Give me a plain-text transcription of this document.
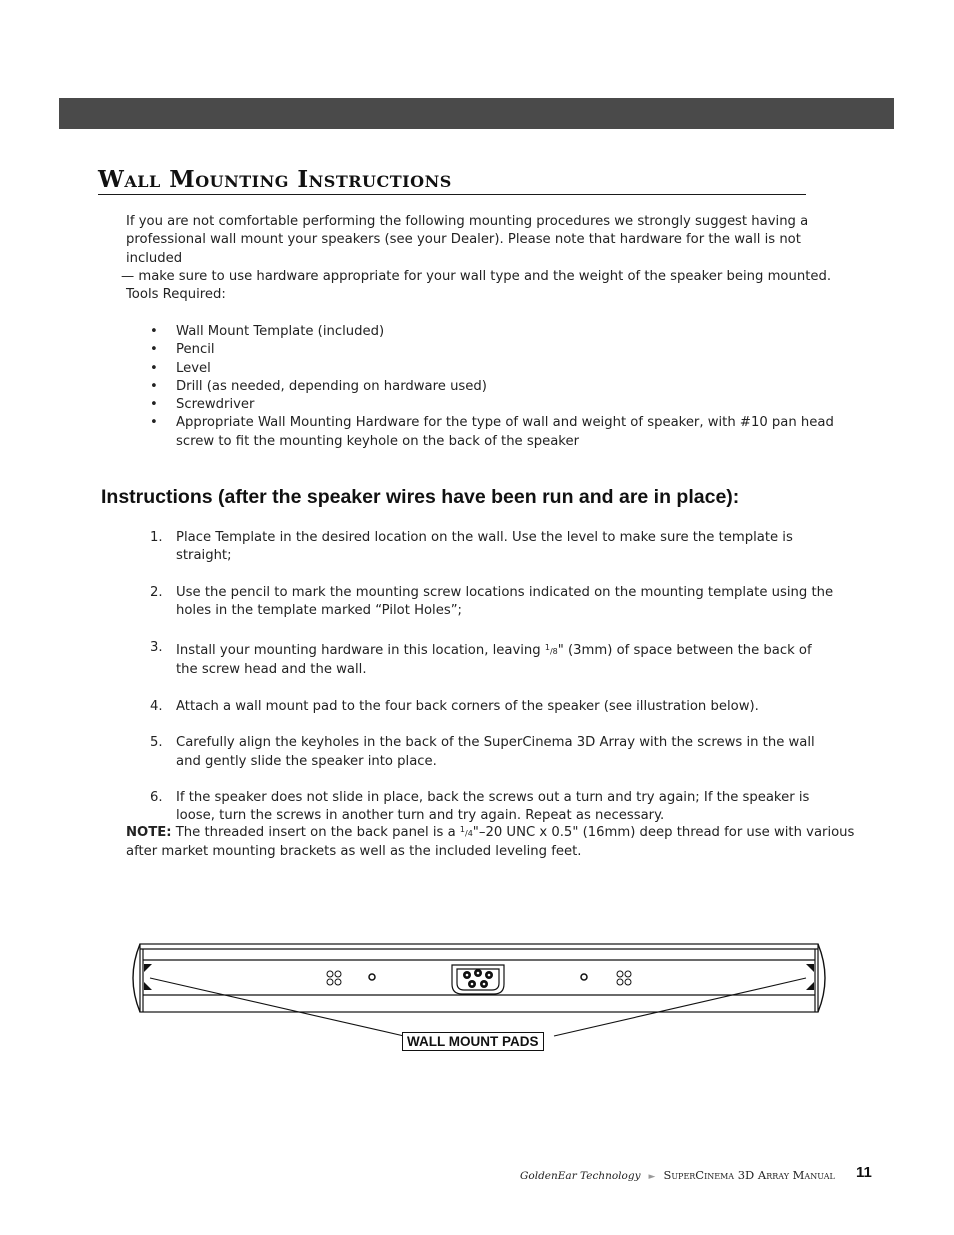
Wall Mounting Instructions
If you are not comfortable performing the following mounting procedures we strongly suggest having a
professional wall mount your speakers (see your Dealer). Please note that hardware for the wall is not included
— make sure to use hardware appropriate for your wall type and the weight of the speaker being mounted.
Tools Required:
• Wall Mount Template (included)
• Pencil
• Level
• Drill (as needed, depending on hardware used)
• Screwdriver
• Appropriate Wall Mounting Hardware for the type of wall and weight of speaker, with #10 pan head screw to fit the mounting keyhole on the back of the speaker
Instructions (after the speaker wires have been run and are in place):
1. Place Template in the desired location on the wall. Use the level to make sure the template is straight;
2. Use the pencil to mark the mounting screw locations indicated on the mounting template using the holes in the template marked “Pilot Holes”;
3. Install your mounting hardware in this location, leaving 1/8" (3mm) of space between the back of
the screw head and the wall.
4. Attach a wall mount pad to the four back corners of the speaker (see illustration below).
5. Carefully align the keyholes in the back of the SuperCinema 3D Array with the screws in the wall and gently slide the speaker into place.
6. If the speaker does not slide in place, back the screws out a turn and try again; If the speaker is loose, turn the screws in another turn and try again. Repeat as necessary.
NOTE: The threaded insert on the back panel is a 1/4"–20 UNC x 0.5" (16mm) deep thread for use with various after market mounting brackets as well as the included leveling feet.
WALL MOUNT PADS
GoldenEar Technology ► SuperCinema 3D Array Manual 11
